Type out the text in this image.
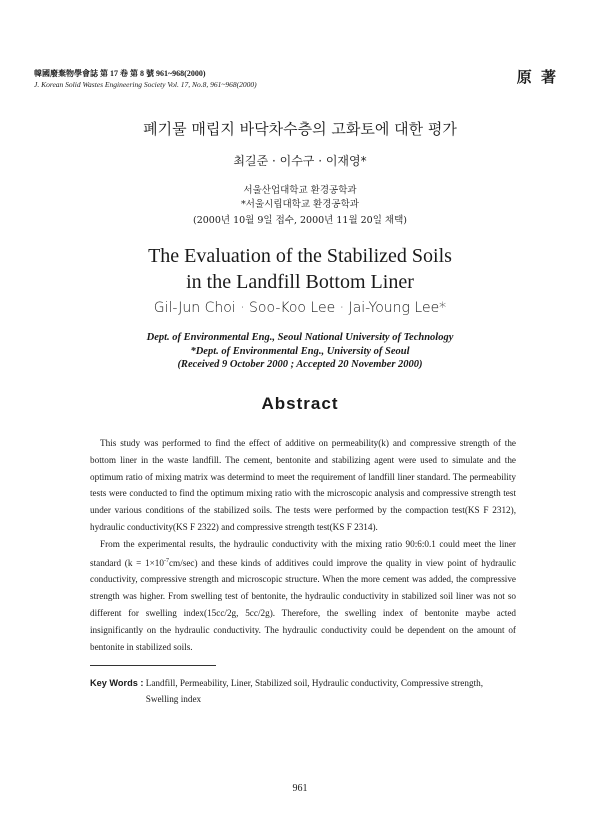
韓國廢棄物學會誌 第 17 卷 第 8 號 961~968(2000)
J. Korean Solid Wastes Engineering Society Vol. 17, No.8, 961~968(2000)	原 著
폐기물 매립지 바닥차수층의 고화토에 대한 평가
최길준 · 이수구 · 이재영*
서울산업대학교 환경공학과
*서울시립대학교 환경공학과
(2000년 10월 9일 접수, 2000년 11월 20일 채택)
The Evaluation of the Stabilized Soils
in the Landfill Bottom Liner
Gil-Jun Choi · Soo-Koo Lee · Jai-Young Lee*
Dept. of Environmental Eng., Seoul National University of Technology
*Dept. of Environmental Eng., University of Seoul
(Received 9 October 2000 ; Accepted 20 November 2000)
Abstract

This study was performed to find the effect of additive on permeability(k) and compressive strength of the bottom liner in the waste landfill. The cement, bentonite and stabilizing agent were used to simulate and the optimum ratio of mixing matrix was determind to meet the requirement of landfill liner standard. The permeability tests were conducted to find the optimum mixing ratio with the microscopic analysis and compressive strength test under various conditions of the stabilized soils. The tests were performed by the compaction test(KS F 2312), hydraulic conductivity(KS F 2322) and compressive strength test(KS F 2314).

From the experimental results, the hydraulic conductivity with the mixing ratio 90:6:0.1 could meet the liner standard $(k = 1\times 10^{-7}cm/\sec)$ and these kinds of additives could improve the quality in view point of hydraulic conductivity, compressive strength and microscopic structure. When the more cement was added, the compressive strength was higher. From swelling test of bentonite, the hydraulic conductivity in stabilized soil liner was not so different for swelling index(15cc/2g, 5cc/2g). Therefore, the swelling index of bentonite maybe acted insignificantly on the hydraulic conductivity. The hydraulic conductivity could be dependent on the amount of bentonite in stabilized soils.

Key Words : Landfill, Permeability, Liner, Stabilized soil, Hydraulic conductivity, Compressive strength, Swelling index
961
